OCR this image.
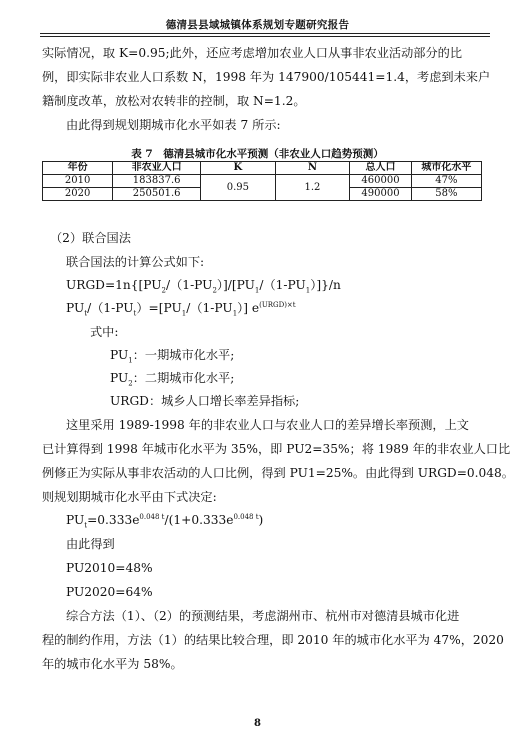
德清县县域城镇体系规划专题研究报告
实际情况，取 K=0.95;此外，还应考虑增加农业人口从事非农业活动部分的比
例，即实际非农业人口系数 N，1998 年为 147900/105441=1.4，考虑到未来户
籍制度改革，放松对农转非的控制，取 N=1.2。
由此得到规划期城市化水平如表 7 所示:
表 7　德清县城市化水平预测（非农业人口趋势预测）
年份	非农业人口	K	N	总人口	城市化水平
2010	183837.6	0.95	1.2	460000	47%
2020	250501.6			490000	58%
（2）联合国法
联合国法的计算公式如下:
$URGD=1n\{[PU_2/(1-PU_2)]/[PU_1/(1-PU_1)]\}/n$
$PU_t/(1-PU_t)=[PU_1/(1-PU_1)]$ $e^{(URGD)\times t}$
式中:
$PU_1$：一期城市化水平;
$PU_2$：二期城市化水平;
URGD：城乡人口增长率差异指标;
这里采用 1989-1998 年的非农业人口与农业人口的差异增长率预测，上文
已计算得到 1998 年城市化水平为 35%，即 PU2=35%；将 1989 年的非农业人口比
例修正为实际从事非农活动的人口比例，得到 PU1=25%。由此得到 URGD=0.048。
则规划期城市化水平由下式决定:
$PU_t=0.333e^{0.048 t}/(1+0.333e^{0.048 t})$
由此得到
PU2010=48%
PU2020=64%
综合方法（1）、（2）的预测结果，考虑湖州市、杭州市对德清县城市化进
程的制约作用，方法（1）的结果比较合理，即 2010 年的城市化水平为 47%，2020
年的城市化水平为 58%。
8
